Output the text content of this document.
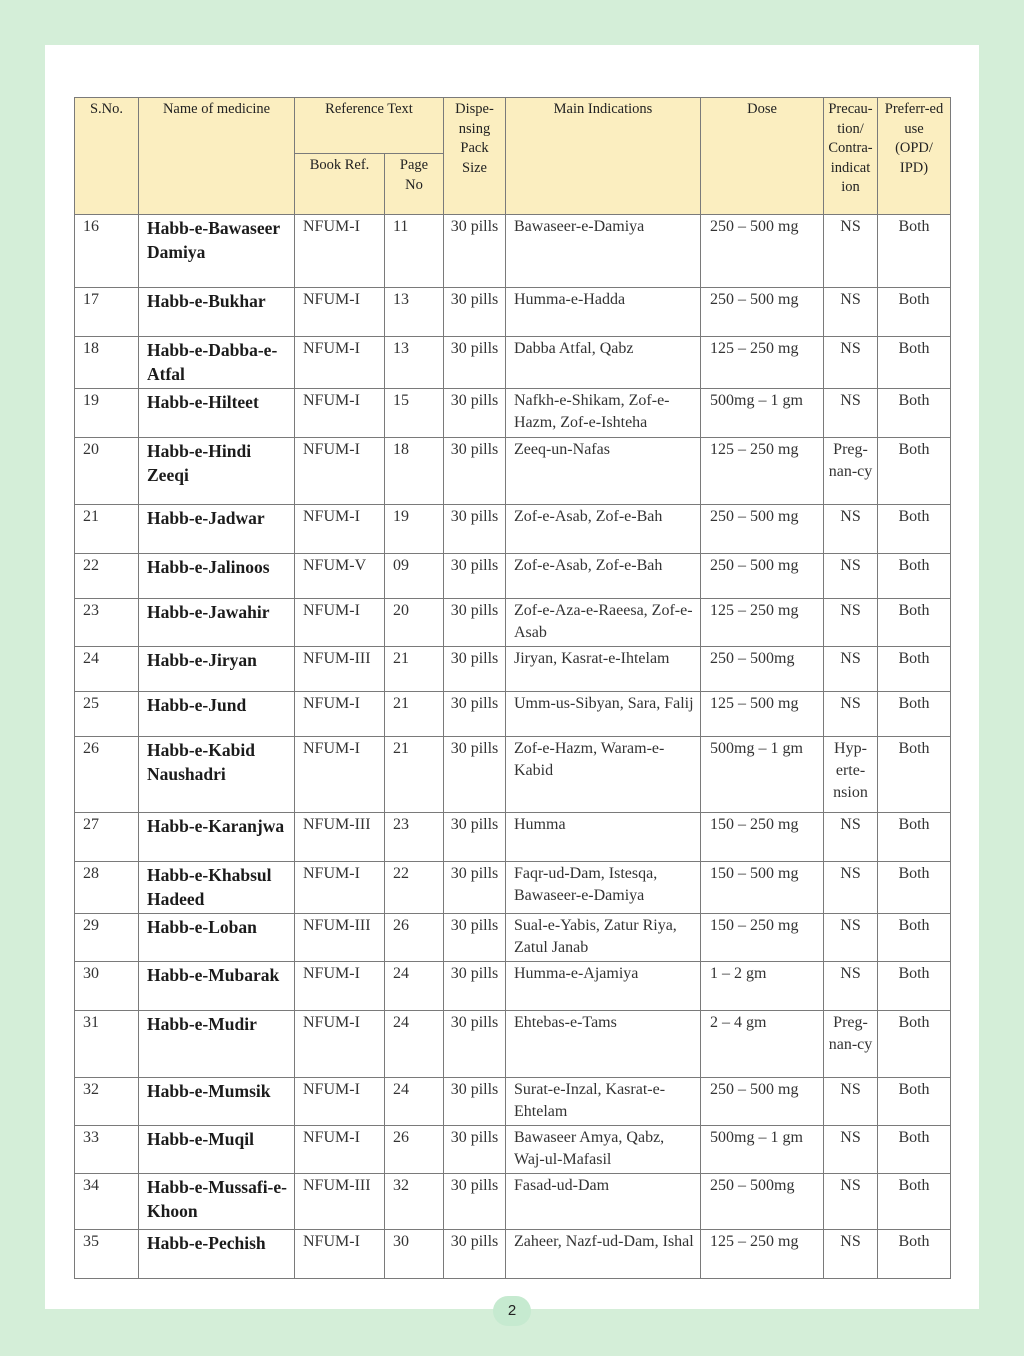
S.No.	Name of medicine	Reference Text		Dispe-nsing Pack Size	Main Indications	Dose	Precau-tion/ Contra-indicat ion	Preferr-ed use (OPD/ IPD)
		Book Ref.	Page No					
16	Habb-e-Bawaseer Damiya	NFUM-I	11	30 pills	Bawaseer-e-Damiya	250 – 500 mg	NS	Both
17	Habb-e-Bukhar	NFUM-I	13	30 pills	Humma-e-Hadda	250 – 500 mg	NS	Both
18	Habb-e-Dabba-e-Atfal	NFUM-I	13	30 pills	Dabba Atfal, Qabz	125 – 250 mg	NS	Both
19	Habb-e-Hilteet	NFUM-I	15	30 pills	Nafkh-e-Shikam, Zof-e-Hazm, Zof-e-Ishteha	500mg – 1 gm	NS	Both
20	Habb-e-Hindi Zeeqi	NFUM-I	18	30 pills	Zeeq-un-Nafas	125 – 250 mg	Preg-nan-cy	Both
21	Habb-e-Jadwar	NFUM-I	19	30 pills	Zof-e-Asab, Zof-e-Bah	250 – 500 mg	NS	Both
22	Habb-e-Jalinoos	NFUM-V	09	30 pills	Zof-e-Asab, Zof-e-Bah	250 – 500 mg	NS	Both
23	Habb-e-Jawahir	NFUM-I	20	30 pills	Zof-e-Aza-e-Raeesa, Zof-e-Asab	125 – 250 mg	NS	Both
24	Habb-e-Jiryan	NFUM-III	21	30 pills	Jiryan, Kasrat-e-Ihtelam	250 – 500mg	NS	Both
25	Habb-e-Jund	NFUM-I	21	30 pills	Umm-us-Sibyan, Sara, Falij	125 – 500 mg	NS	Both
26	Habb-e-Kabid Naushadri	NFUM-I	21	30 pills	Zof-e-Hazm, Waram-e-Kabid	500mg – 1 gm	Hyp-erte-nsion	Both
27	Habb-e-Karanjwa	NFUM-III	23	30 pills	Humma	150 – 250 mg	NS	Both
28	Habb-e-Khabsul Hadeed	NFUM-I	22	30 pills	Faqr-ud-Dam, Istesqa, Bawaseer-e-Damiya	150 – 500 mg	NS	Both
29	Habb-e-Loban	NFUM-III	26	30 pills	Sual-e-Yabis, Zatur Riya, Zatul Janab	150 – 250 mg	NS	Both
30	Habb-e-Mubarak	NFUM-I	24	30 pills	Humma-e-Ajamiya	1 – 2 gm	NS	Both
31	Habb-e-Mudir	NFUM-I	24	30 pills	Ehtebas-e-Tams	2 – 4 gm	Preg-nan-cy	Both
32	Habb-e-Mumsik	NFUM-I	24	30 pills	Surat-e-Inzal, Kasrat-e-Ehtelam	250 – 500 mg	NS	Both
33	Habb-e-Muqil	NFUM-I	26	30 pills	Bawaseer Amya, Qabz, Waj-ul-Mafasil	500mg – 1 gm	NS	Both
34	Habb-e-Mussafi-e- Khoon	NFUM-III	32	30 pills	Fasad-ud-Dam	250 – 500mg	NS	Both
35	Habb-e-Pechish	NFUM-I	30	30 pills	Zaheer, Nazf-ud-Dam, Ishal	125 – 250 mg	NS	Both
2
